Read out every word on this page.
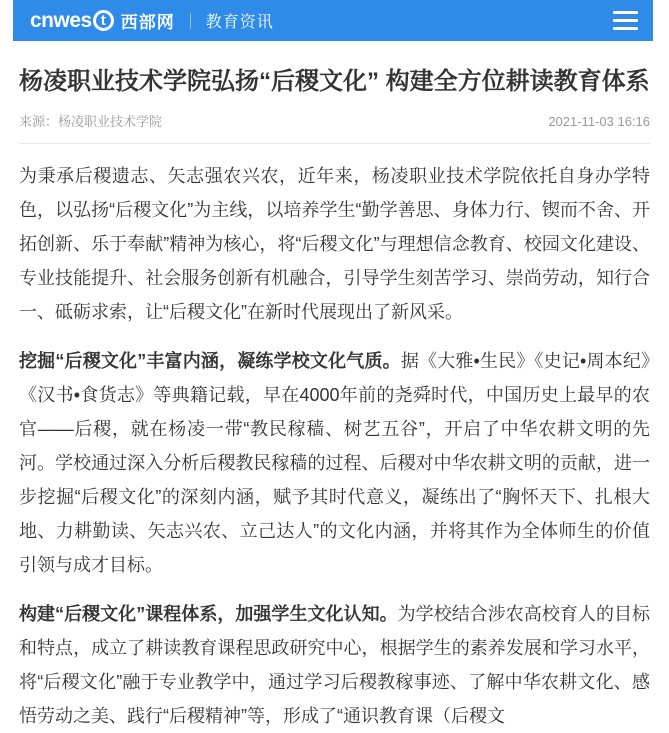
cnwes t 西部网 教育资讯
杨凌职业技术学院弘扬“后稷文化” 构建全方位耕读教育体系
来源：杨凌职业技术学院	2021-11-03 16:16

为秉承后稷遗志、矢志强农兴农，近年来，杨凌职业技术学院依托自身办学特色，以弘扬“后稷文化”为主线，以培养学生“勤学善思、身体力行、锲而不舍、开拓创新、乐于奉献”精神为核心，将“后稷文化”与理想信念教育、校园文化建设、专业技能提升、社会服务创新有机融合，引导学生刻苦学习、崇尚劳动，知行合一、砥砺求索，让“后稷文化”在新时代展现出了新风采。

挖掘“后稷文化”丰富内涵，凝练学校文化气质。据《大雅•生民》《史记•周本纪》《汉书•食货志》等典籍记载，早在4000年前的尧舜时代，中国历史上最早的农官——后稷，就在杨凌一带“教民稼穑、树艺五谷”，开启了中华农耕文明的先河。学校通过深入分析后稷教民稼穑的过程、后稷对中华农耕文明的贡献，进一步挖掘“后稷文化”的深刻内涵，赋予其时代意义，凝练出了“胸怀天下、扎根大地、力耕勤读、矢志兴农、立己达人”的文化内涵，并将其作为全体师生的价值引领与成才目标。

构建“后稷文化”课程体系，加强学生文化认知。为学校结合涉农高校育人的目标和特点，成立了耕读教育课程思政研究中心，根据学生的素养发展和学习水平，将“后稷文化”融于专业教学中，通过学习后稷教稼事迹、了解中华农耕文化、感悟劳动之美、践行“后稷精神”等，形成了“通识教育课（后稷文
